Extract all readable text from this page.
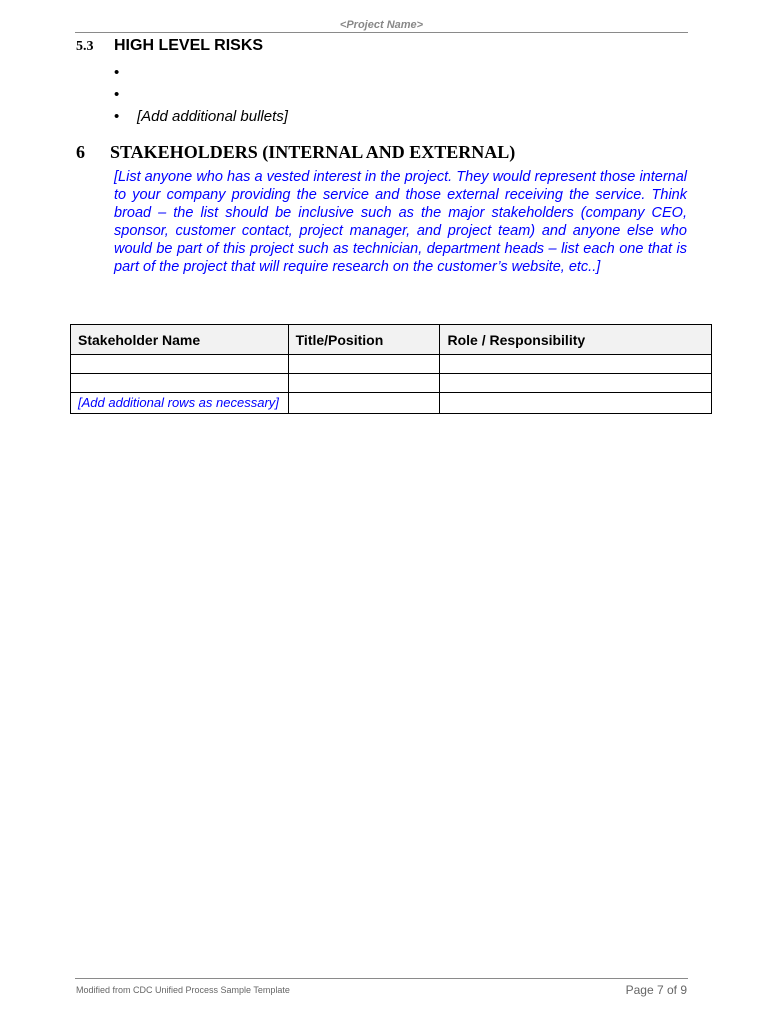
<Project Name>
5.3 HIGH LEVEL RISKS
•
•
• [Add additional bullets]
6 STAKEHOLDERS (INTERNAL AND EXTERNAL)
[List anyone who has a vested interest in the project. They would represent those internal to your company providing the service and those external receiving the service. Think broad – the list should be inclusive such as the major stakeholders (company CEO, sponsor, customer contact, project manager, and project team) and anyone else who would be part of this project such as technician, department heads – list each one that is part of the project that will require research on the customer’s website, etc..]
Stakeholder Name	Title/Position	Role / Responsibility

[Add additional rows as necessary]		
Modified from CDC Unified Process Sample Template	Page 7 of 9
